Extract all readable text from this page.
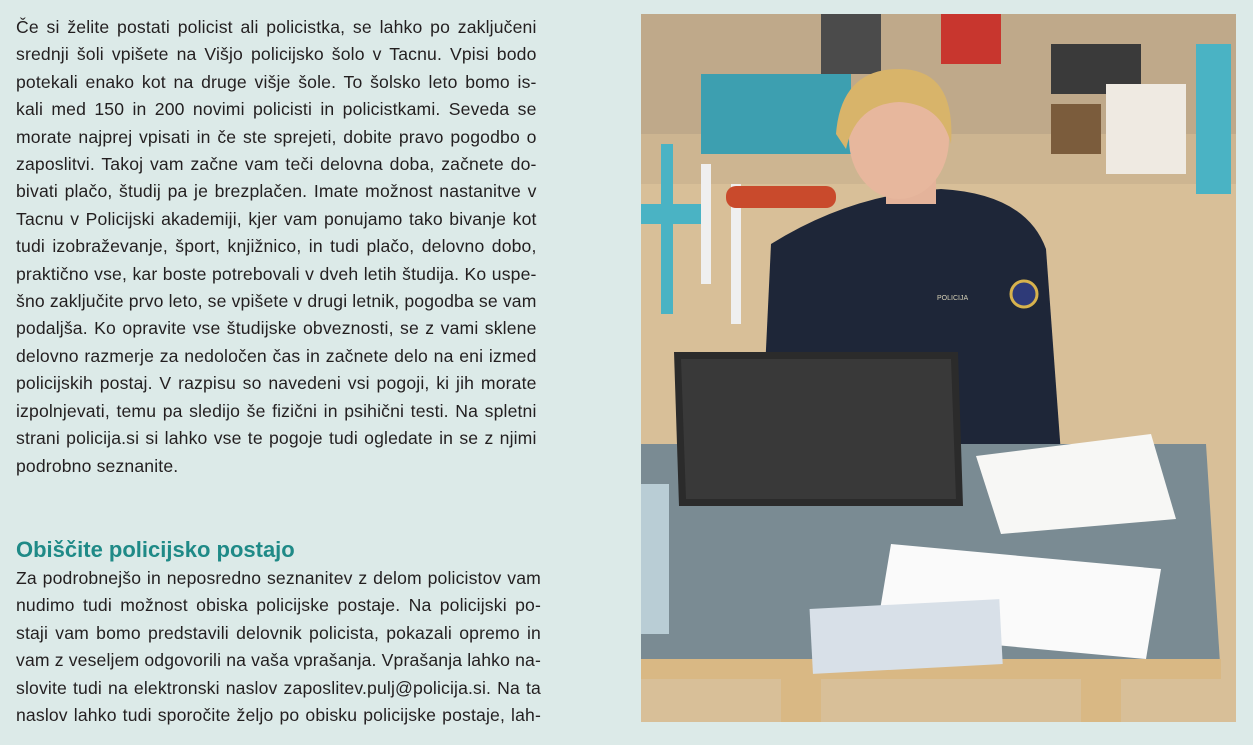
Če si želite postati policist ali policistka, se lahko po zaključeni
srednji šoli vpišete na Višjo policijsko šolo v Tacnu. Vpisi bodo
potekali enako kot na druge višje šole. To šolsko leto bomo is-
kali med 150 in 200 novimi policisti in policistkami. Seveda se
morate najprej vpisati in če ste sprejeti, dobite pravo pogodbo o
zaposlitvi. Takoj vam začne vam teči delovna doba, začnete do-
bivati plačo, študij pa je brezplačen. Imate možnost nastanitve v
Tacnu v Policijski akademiji, kjer vam ponujamo tako bivanje kot
tudi izobraževanje, šport, knjižnico, in tudi plačo, delovno dobo,
praktično vse, kar boste potrebovali v dveh letih študija. Ko uspe-
šno zaključite prvo leto, se vpišete v drugi letnik, pogodba se vam
podaljša. Ko opravite vse študijske obveznosti, se z vami sklene
delovno razmerje za nedoločen čas in začnete delo na eni izmed
policijskih postaj. V razpisu so navedeni vsi pogoji, ki jih morate
izpolnjevati, temu pa sledijo še fizični in psihični testi. Na spletni
strani policija.si si lahko vse te pogoje tudi ogledate in se z njimi
podrobno seznanite.
Obiščite policijsko postajo
Za podrobnejšo in neposredno seznanitev z delom policistov vam
nudimo tudi možnost obiska policijske postaje. Na policijski po-
staji vam bomo predstavili delovnik policista, pokazali opremo in
vam z veseljem odgovorili na vaša vprašanja. Vprašanja lahko na-
slovite tudi na elektronski naslov zaposlitev.pulj@policija.si. Na ta
naslov lahko tudi sporočite željo po obisku policijske postaje, lah-
POLICIJA
